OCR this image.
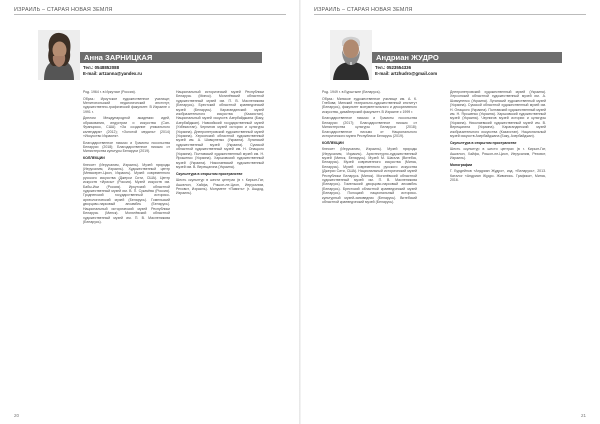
ИЗРАИЛЬ – СТАРАЯ НОВАЯ ЗЕМЛЯ
Анна ЗАРНИЦКАЯ
Тел.: 0548852088
E-mail: artzanna@yandex.ru

Род. 1964 г. в Иркутске (Россия).

Образ.: Иркутское художественное училище; Мелитопольский педагогический институт, художественно-графический факультет. В Израиле с 1991 г.

Диплом Международной академии идей, образования, индустрии и искусства (Сан-Франциско, США) «За создание уникального календаря» (2012); «Золотой медаль» (2014) «Искусство Израиля».

Благодарственное письмо и Грамоты посольства Беларуси (2018); Благодарственное письмо от Министерства культуры Беларуси (2019).

КОЛЛЕКЦИИ

Кнессет (Иерусалим, Израиль). Музей природы (Иерусалим, Израиль). Художественный центр (Мевасерет-Цион, Израиль). Музей современного русского искусства (Джерси Сити, США). Центр искусств «Ирисы» (Россия). Музей искусств им. Бабы-Ики (Россия). Иркутский областной художественный музей им. В. П. Сукачёва (Россия). Гродненский государственный историко-археологический музей (Беларусь). Гомельский дворцово-парковый ансамбль (Беларусь). Национальный исторический музей Республики Беларусь (Минск). Могилёвский областной художественный музей им. П. В. Масленикова (Беларусь).

Национальный исторический музей Республики Беларусь (Минск). Могилёвский областной художественный музей им. П. В. Масленикова (Беларусь). Брестский областной краеведческий музей (Беларусь). Карагандинский музей изобразительного искусства (Казахстан). Национальный музей искусств Азербайджана (Баку, Азербайджан). Навоийский государственный музей (Узбекистан). Чернигов музей истории и культуры (Украина). Днепропетровский художественный музей (Украина). Херсонский областной художественный музей им. А. Шовкуненко (Украина). Луганский художественный музей (Украина). Сумской областной художественный музей им. Н. Онацкого (Украина). Полтавский художественный музей им. Н. Ярошенко (Украина). Харьковский художественный музей (Украина). Николаевский художественный музей им. В. Верещагина (Украина).

Скульптура в открытом пространстве

Шесть скульптур в шести центрах (в г. Кирьят-Гат, Ашкелон, Хайфа, Ришон-ле-Цион, Иерусалим, Реховот, Израиль). Монумент «Память» (г. Ашдод, Израиль).

20
ИЗРАИЛЬ – СТАРАЯ НОВАЯ ЗЕМЛЯ
Андриан ЖУДРО
Тел.: 0523554336
E-mail: artzhudro@gmail.com

Род. 1949 г. в Бурштыне (Беларусь).

Образ.: Минское художественное училище им. А. К. Глебова; Минский театрально-художественный институт (Беларусь), факультет монументального и декоративного искусства, дизайнерский факультет. В Израиле с 1999 г.

Благодарственное письмо и Грамоты посольства Беларуси (2017); Благодарственное письмо от Министерства культуры Беларуси (2018); Благодарственное письмо от Национального исторического музея Республики Беларусь (2019).

КОЛЛЕКЦИИ

Кнессет (Иерусалим, Израиль). Музей природы (Иерусалим, Израиль). Архитектурно-художественный музей (Минск, Беларусь). Музей М. Шагала (Витебск, Беларусь). Музей современного искусства (Минск, Беларусь). Музей современного русского искусства (Джерси Сити, США). Национальный исторический музей Республики Беларусь (Минск). Могилёвский областной художественный музей им. П. В. Масленикова (Беларусь). Гомельский дворцово-парковый ансамбль (Беларусь). Брестский областной краеведческий музей (Беларусь). Полоцкий национальный историко-культурный музей-заповедник (Беларусь). Витебский областной краеведческий музей (Беларусь).

Днепропетровский художественный музей (Украина). Херсонский областной художественный музей им. А. Шовкуненко (Украина). Луганский художественный музей (Украина). Сумской областной художественный музей им. Н. Онацкого (Украина). Полтавский художественный музей им. Н. Ярошенко (Украина). Харьковский художественный музей (Украина). Чернигов музей истории и культуры (Украина). Николаевский художественный музей им. В. Верещагина (Украина). Карагандинский музей изобразительного искусства (Казахстан). Национальный музей искусств Азербайджана (Баку, Азербайджан).

Скульптура в открытом пространстве

Шесть скульптур в шести центрах (в г. Кирьят-Гат, Ашкелон, Хайфа, Ришон-ле-Цион, Иерусалим, Реховот, Израиль).

Монографии

Г. Бурдейнов «Андриан Жудро», изд. «Беларусь», 2013. Каталог «Андриан Жудро. Живопись. Графика», Минск, 2016.

21
